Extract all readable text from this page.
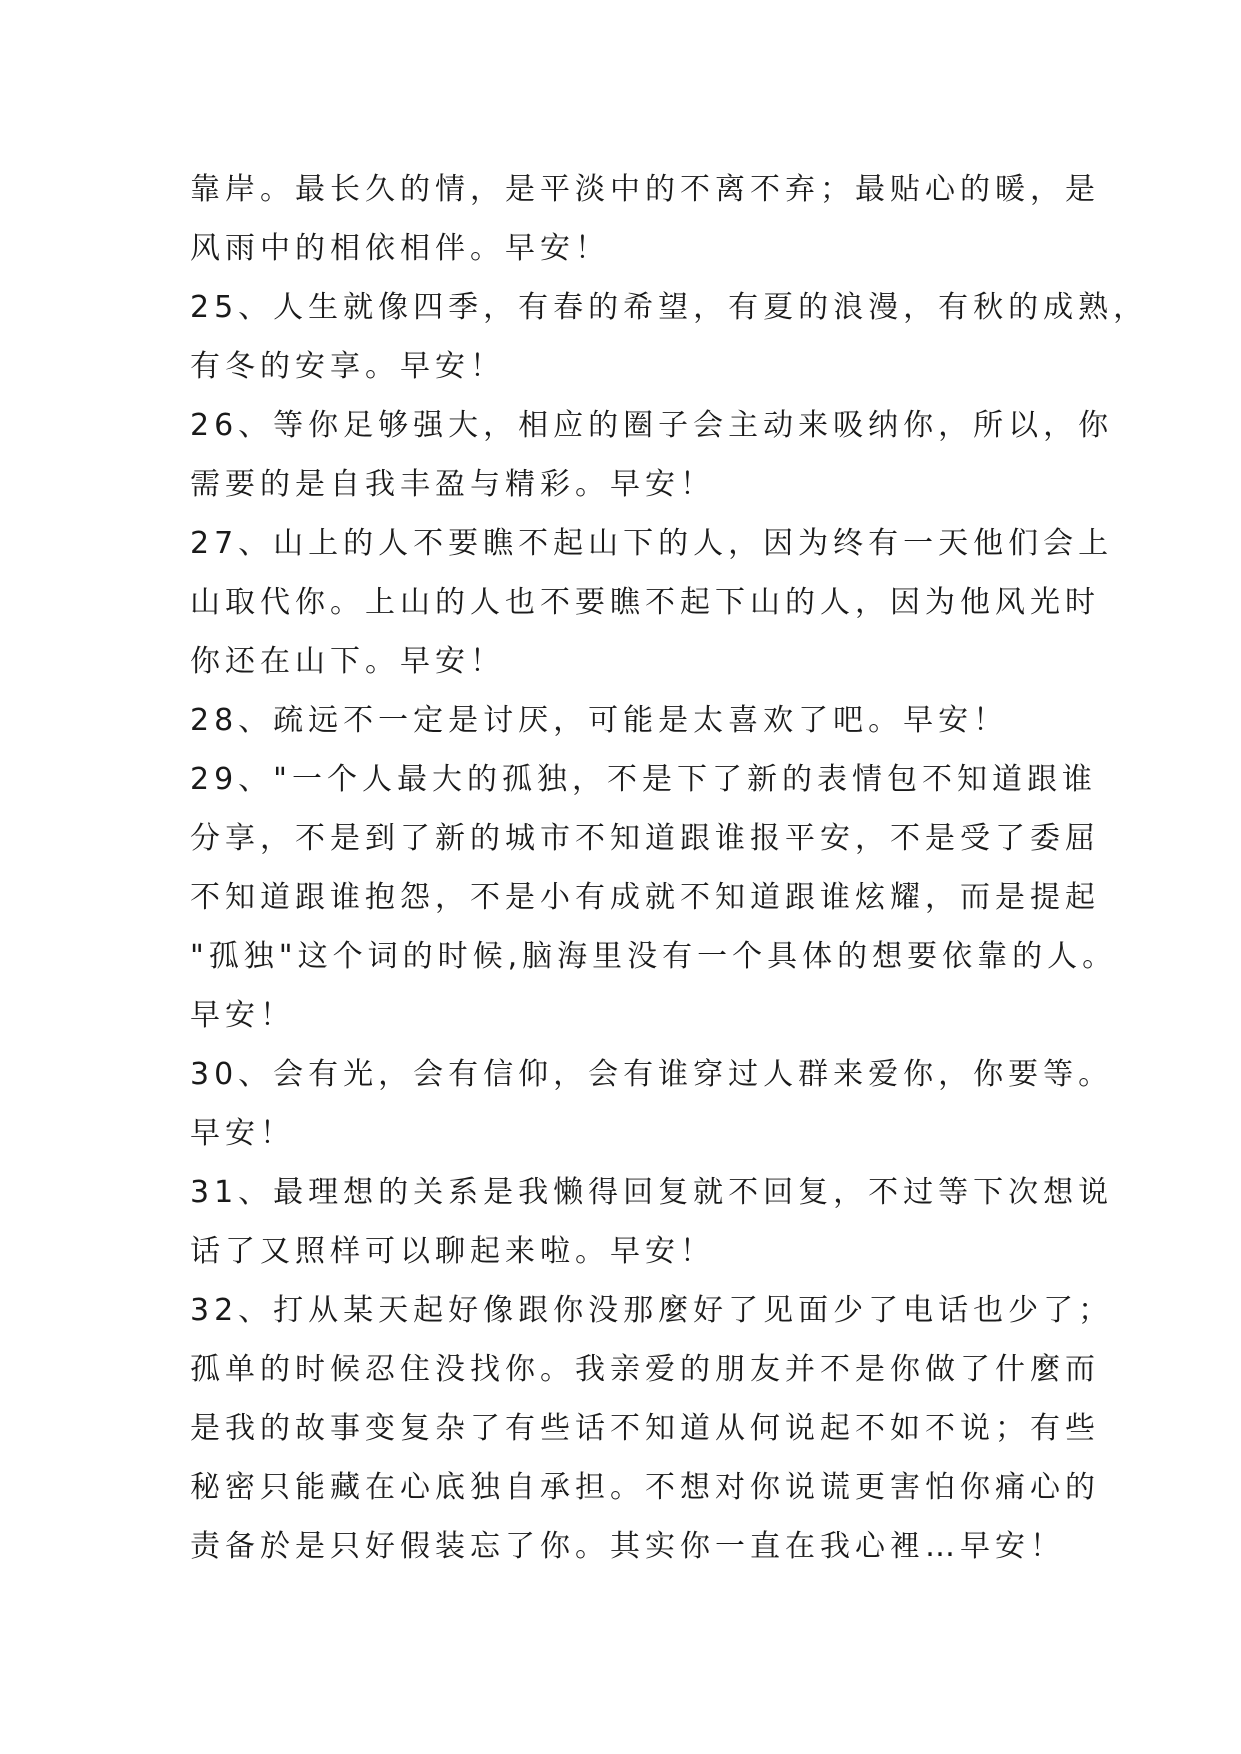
靠岸。最长久的情，是平淡中的不离不弃；最贴心的暖，是
风雨中的相依相伴。早安！
25、人生就像四季，有春的希望，有夏的浪漫，有秋的成熟，
有冬的安享。早安！
26、等你足够强大，相应的圈子会主动来吸纳你，所以，你
需要的是自我丰盈与精彩。早安！
27、山上的人不要瞧不起山下的人，因为终有一天他们会上
山取代你。上山的人也不要瞧不起下山的人，因为他风光时
你还在山下。早安！
28、疏远不一定是讨厌，可能是太喜欢了吧。早安！
29、"一个人最大的孤独，不是下了新的表情包不知道跟谁
分享，不是到了新的城市不知道跟谁报平安，不是受了委屈
不知道跟谁抱怨，不是小有成就不知道跟谁炫耀，而是提起
"孤独"这个词的时候,脑海里没有一个具体的想要依靠的人。
早安！
30、会有光，会有信仰，会有谁穿过人群来爱你，你要等。
早安！
31、最理想的关系是我懒得回复就不回复，不过等下次想说
话了又照样可以聊起来啦。早安！
32、打从某天起好像跟你没那麼好了见面少了电话也少了；
孤单的时候忍住没找你。我亲爱的朋友并不是你做了什麼而
是我的故事变复杂了有些话不知道从何说起不如不说；有些
秘密只能藏在心底独自承担。不想对你说谎更害怕你痛心的
责备於是只好假装忘了你。其实你一直在我心裡…早安！
